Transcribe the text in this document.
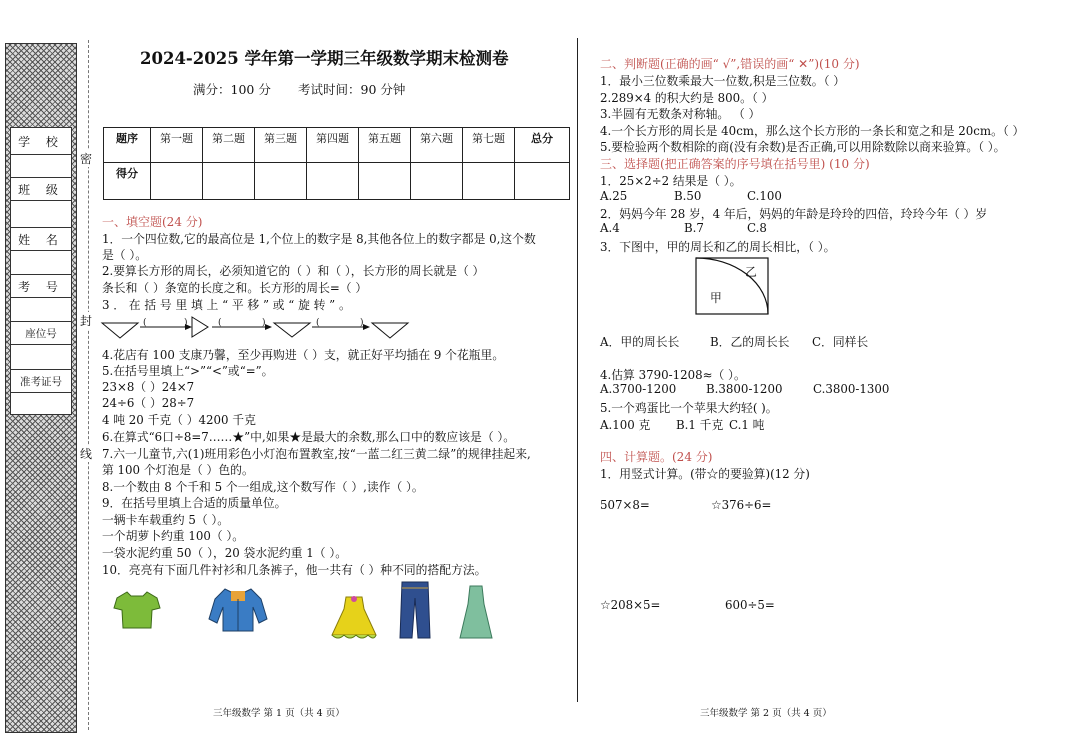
学 校
班 级
姓 名
考 号
座位号
准考证号
密
封
线
2024-2025 学年第一学期三年级数学期末检测卷
满分：100 分 考试时间：90 分钟
题序	第一题	第二题	第三题	第四题	第五题	第六题	第七题	总分
得分								
一、填空题(24 分)
1．一个四位数,它的最高位是 1,个位上的数字是 8,其他各位上的数字都是 0,这个数
是（ ）。
2.要算长方形的周长，必须知道它的（ ）和（ ），长方形的周长就是（ ）
条长和（ ）条宽的长度之和。长方形的周长=（ ）
3 ． 在 括 号 里 填 上 “ 平 移 ” 或 “ 旋 转 ” 。
(	)	(	)	(	)
4.花店有 100 支康乃馨，至少再购进（ ）支，就正好平均插在 9 个花瓶里。
5.在括号里填上“>”“<”或“=”。
23×8（ ）24×7
24÷6（ ）28÷7
4 吨 20 千克（ ）4200 千克
6.在算式“6口÷8=7……★”中,如果★是最大的余数,那么口中的数应该是（ ）。
7.六一儿童节,六(1)班用彩色小灯泡布置教室,按“一蓝二红三黄二绿”的规律挂起来,
第 100 个灯泡是（ ）色的。
8.一个数由 8 个千和 5 个一组成,这个数写作（ ）,读作（ ）。
9．在括号里填上合适的质量单位。
一辆卡车载重约 5（ ）。
一个胡萝卜约重 100（ ）。
一袋水泥约重 50（ ），20 袋水泥约重 1（ ）。
10．亮亮有下面几件衬衫和几条裤子，他一共有（ ）种不同的搭配方法。
三年级数学 第 1 页（共 4 页）
二、判断题(正确的画“ √”,错误的画“ ✕”)(10 分)
1．最小三位数乘最大一位数,积是三位数。（ ）
2.289×4 的积大约是 800。（ ）
3.半圆有无数条对称轴。 （ ）
4.一个长方形的周长是 40cm，那么这个长方形的一条长和宽之和是 20cm。（ ）
5.要检验两个数相除的商(没有余数)是否正确,可以用除数除以商来验算。（ ）。
三、选择题(把正确答案的序号填在括号里) (10 分)
1．25×2÷2 结果是（ ）。
A.25	B.50	C.100
2．妈妈今年 28 岁，4 年后，妈妈的年龄是玲玲的四倍，玲玲今年（ ）岁
A.4	B.7	C.8
3．下图中，甲的周长和乙的周长相比，（ ）。
乙
甲
A．甲的周长长	B．乙的周长长 C．同样长
4.估算 3790-1208≈（ ）。
A.3700-1200	B.3800-1200	C.3800-1300
5.一个鸡蛋比一个苹果大约轻( )。
A.100 克 B.1 千克 C.1 吨
四、计算题。(24 分)
1．用竖式计算。(带☆的要验算)(12 分)
507×8=	☆376÷6=
☆208×5=	600÷5=
三年级数学 第 2 页（共 4 页）
